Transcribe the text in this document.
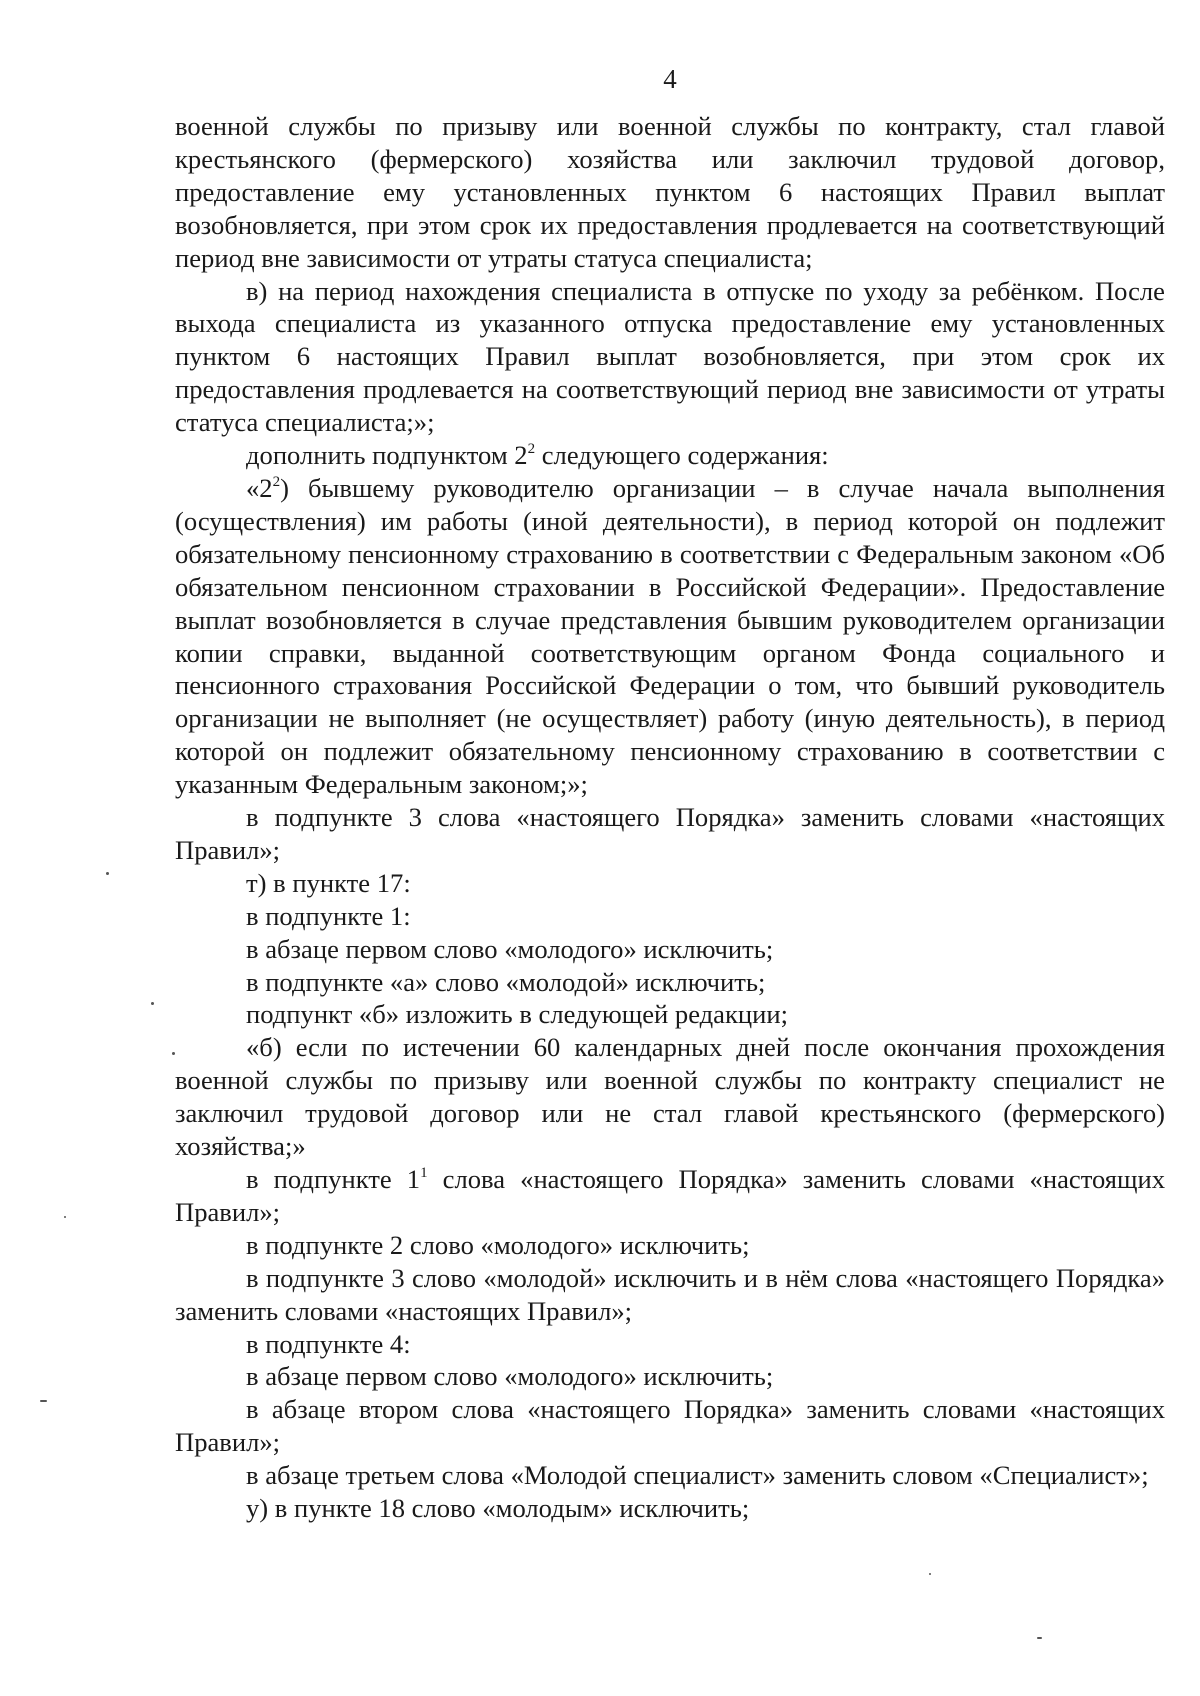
4

военной службы по призыву или военной службы по контракту, стал главой крестьянского (фермерского) хозяйства или заключил трудовой договор, предоставление ему установленных пунктом 6 настоящих Правил выплат возобновляется, при этом срок их предоставления продлевается на соответствующий период вне зависимости от утраты статуса специалиста;

в) на период нахождения специалиста в отпуске по уходу за ребёнком. После выхода специалиста из указанного отпуска предоставление ему установленных пунктом 6 настоящих Правил выплат возобновляется, при этом срок их предоставления продлевается на соответствующий период вне зависимости от утраты статуса специалиста;»;

дополнить подпунктом $2^2$ следующего содержания:

«$2^2$) бывшему руководителю организации – в случае начала выполнения (осуществления) им работы (иной деятельности), в период которой он подлежит обязательному пенсионному страхованию в соответствии с Федеральным законом «Об обязательном пенсионном страховании в Российской Федерации». Предоставление выплат возобновляется в случае представления бывшим руководителем организации копии справки, выданной соответствующим органом Фонда социального и пенсионного страхования Российской Федерации о том, что бывший руководитель организации не выполняет (не осуществляет) работу (иную деятельность), в период которой он подлежит обязательному пенсионному страхованию в соответствии с указанным Федеральным законом;»;

в подпункте 3 слова «настоящего Порядка» заменить словами «настоящих Правил»;

т) в пункте 17:

в подпункте 1:

в абзаце первом слово «молодого» исключить;

в подпункте «а» слово «молодой» исключить;

подпункт «б» изложить в следующей редакции;

«б) если по истечении 60 календарных дней после окончания прохождения военной службы по призыву или военной службы по контракту специалист не заключил трудовой договор или не стал главой крестьянского (фермерского) хозяйства;»

в подпункте $1^1$ слова «настоящего Порядка» заменить словами «настоящих Правил»;

в подпункте 2 слово «молодого» исключить;

в подпункте 3 слово «молодой» исключить и в нём слова «настоящего Порядка» заменить словами «настоящих Правил»;

в подпункте 4:

в абзаце первом слово «молодого» исключить;

в абзаце втором слова «настоящего Порядка» заменить словами «настоящих Правил»;

в абзаце третьем слова «Молодой специалист» заменить словом «Специалист»;

у) в пункте 18 слово «молодым» исключить;
